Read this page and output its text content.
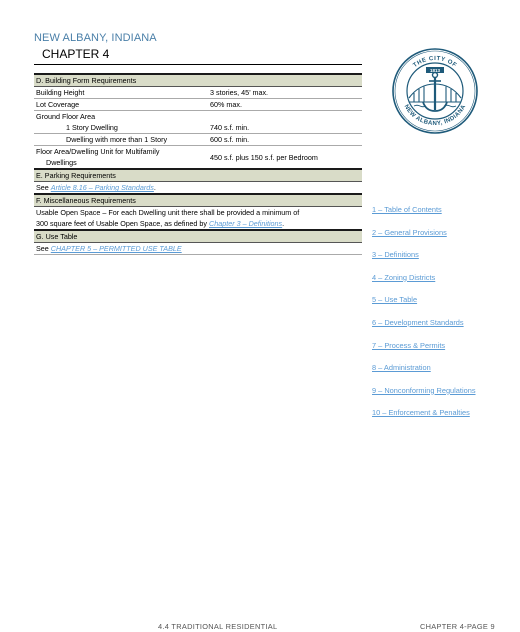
NEW ALBANY, INDIANA
CHAPTER 4
D. Building Form Requirements	
Building Height	3 stories, 45’ max.
Lot Coverage	60% max.
Ground Floor Area	
1 Story Dwelling	740 s.f. min.
Dwelling with more than 1 Story	600 s.f. min.

Floor Area/Dwelling Unit for Multifamily
Dwellings	450 s.f. plus 150 s.f. per Bedroom
E. Parking Requirements	
See Article 8.16 – Parking Standards.	
F. Miscellaneous Requirements	

Usable Open Space – For each Dwelling unit there shall be provided a minimum of
300 square feet of Usable Open Space, as defined by Chapter 3 – Definitions.	

G. Use Table	
See CHAPTER 5 – PERMITTED USE TABLE	
THE CITY OF
NEW ALBANY, INDIANA
1813
1 – Table of Contents
2 – General Provisions
3 – Definitions
4 – Zoning Districts
5 – Use Table
6 – Development Standards
7 – Process & Permits
8 – Administration
9 – Nonconforming Regulations
10 – Enforcement & Penalties
4.4 TRADITIONAL RESIDENTIAL	CHAPTER 4-PAGE 9
